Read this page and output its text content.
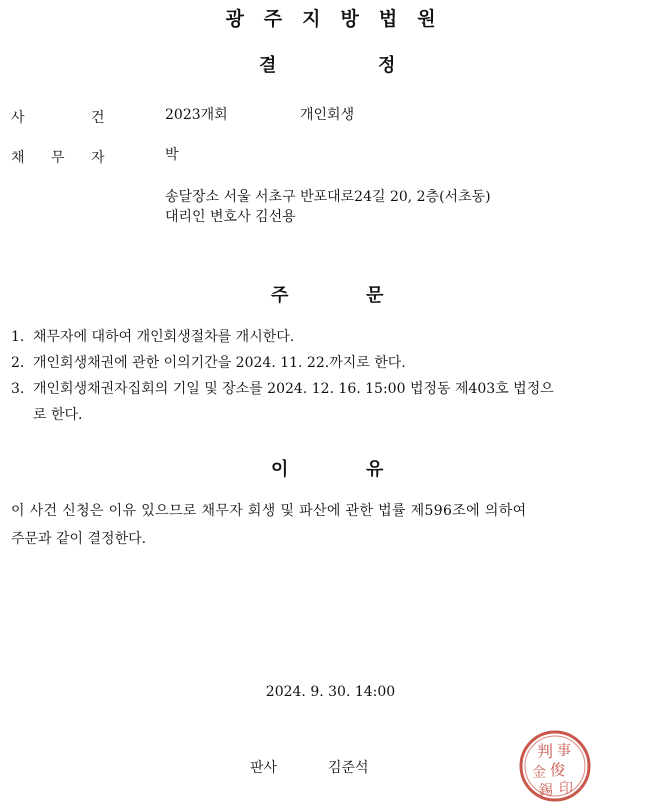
광주지방법원
결	정
사	건	2023개회	개인회생
채 무 자	박
송달장소 서울 서초구 반포대로24길 20, 2층(서초동)
대리인 변호사 김선용
주	문
1. 채무자에 대하여 개인회생절차를 개시한다.
2. 개인회생채권에 관한 이의기간을 2024. 11. 22.까지로 한다.
3. 개인회생채권자집회의 기일 및 장소를 2024. 12. 16. 15:00 법정동 제403호 법정으
로 한다.
이	유
이 사건 신청은 이유 있으므로 채무자 회생 및 파산에 관한 법률 제596조에 의하여
주문과 같이 결정한다.
2024. 9. 30. 14:00
판사	김준석
判 事
金 俊
錫 印
